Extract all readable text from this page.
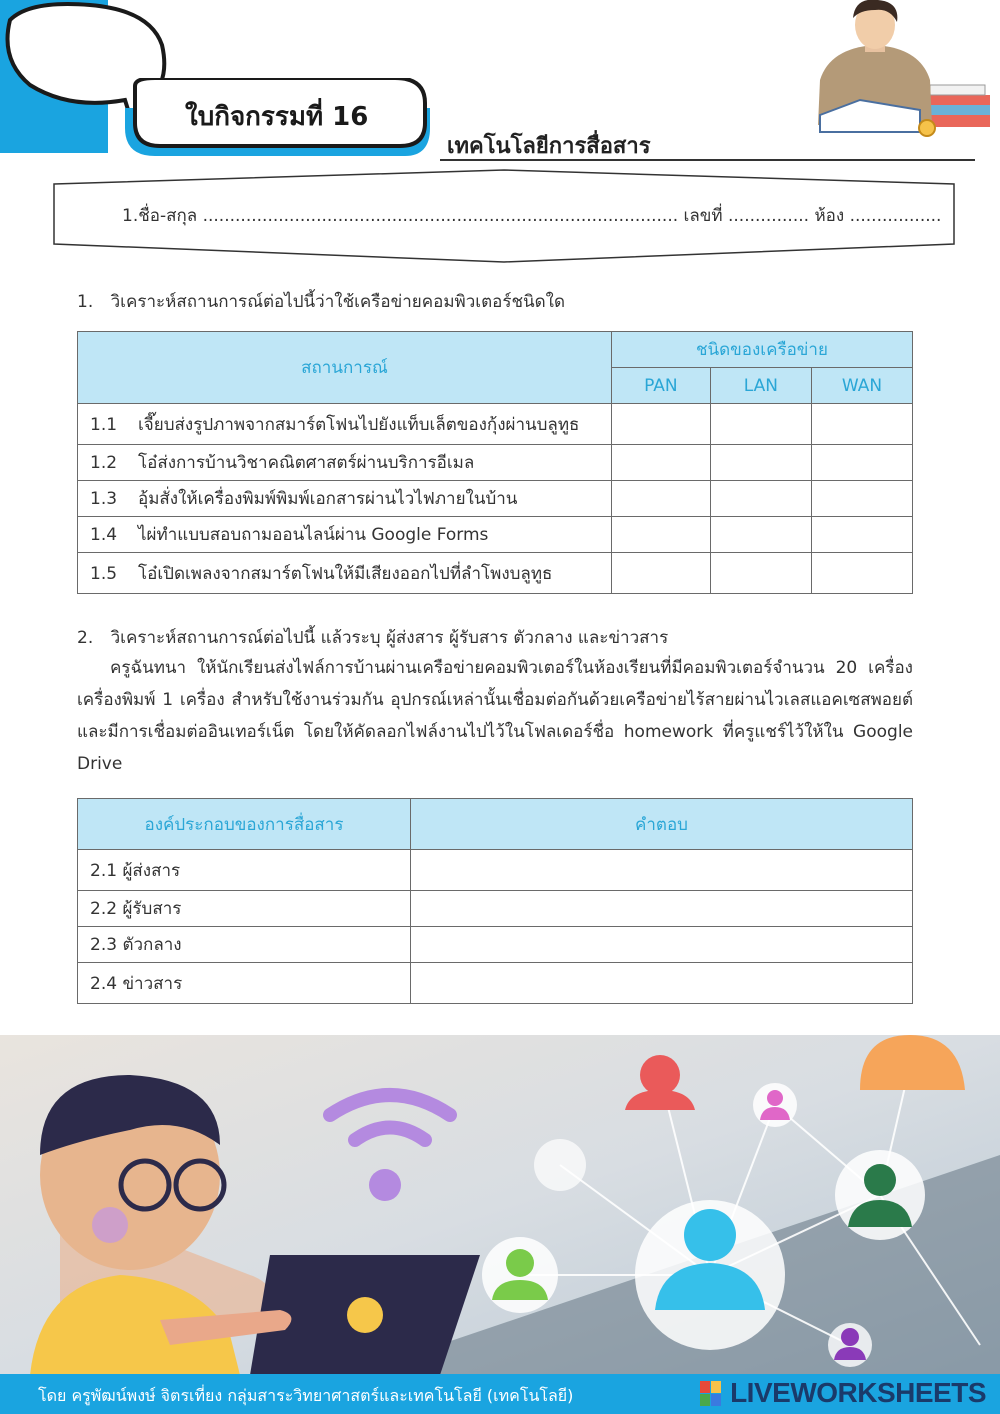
ใบกิจกรรมที่ 16
เทคโนโลยีการสื่อสาร
1.ชื่อ-สกุล ........................................................................................ เลขที่ ............... ห้อง .................
1. วิเคราะห์สถานการณ์ต่อไปนี้ว่าใช้เครือข่ายคอมพิวเตอร์ชนิดใด
สถานการณ์	ชนิดของเครือข่าย		
	PAN	LAN	WAN
1.1 เจี๊ยบส่งรูปภาพจากสมาร์ตโฟนไปยังแท็บเล็ตของกุ้งผ่านบลูทูธ			
1.2 โอ๋ส่งการบ้านวิชาคณิตศาสตร์ผ่านบริการอีเมล			
1.3 อุ้มสั่งให้เครื่องพิมพ์พิมพ์เอกสารผ่านไวไฟภายในบ้าน			
1.4 ไผ่ทำแบบสอบถามออนไลน์ผ่าน Google Forms			
1.5 โอ๋เปิดเพลงจากสมาร์ตโฟนให้มีเสียงออกไปที่ลำโพงบลูทูธ			
2. วิเคราะห์สถานการณ์ต่อไปนี้ แล้วระบุ ผู้ส่งสาร ผู้รับสาร ตัวกลาง และข่าวสาร
ครูฉันทนา ให้นักเรียนส่งไฟล์การบ้านผ่านเครือข่ายคอมพิวเตอร์ในห้องเรียนที่มีคอมพิวเตอร์จำนวน 20 เครื่อง เครื่องพิมพ์ 1 เครื่อง สำหรับใช้งานร่วมกัน อุปกรณ์เหล่านั้นเชื่อมต่อกันด้วยเครือข่ายไร้สายผ่านไวเลสแอคเซสพอยต์ และมีการเชื่อมต่ออินเทอร์เน็ต โดยให้คัดลอกไฟล์งานไปไว้ในโฟลเดอร์ชื่อ homework ที่ครูแชร์ไว้ให้ใน Google Drive
องค์ประกอบของการสื่อสาร	คำตอบ
2.1 ผู้ส่งสาร	
2.2 ผู้รับสาร	
2.3 ตัวกลาง	
2.4 ข่าวสาร	
โดย ครูพัฒน์พงษ์ จิตรเที่ยง กลุ่มสาระวิทยาศาสตร์และเทคโนโลยี (เทคโนโลยี)	LIVEWORKSHEETS
